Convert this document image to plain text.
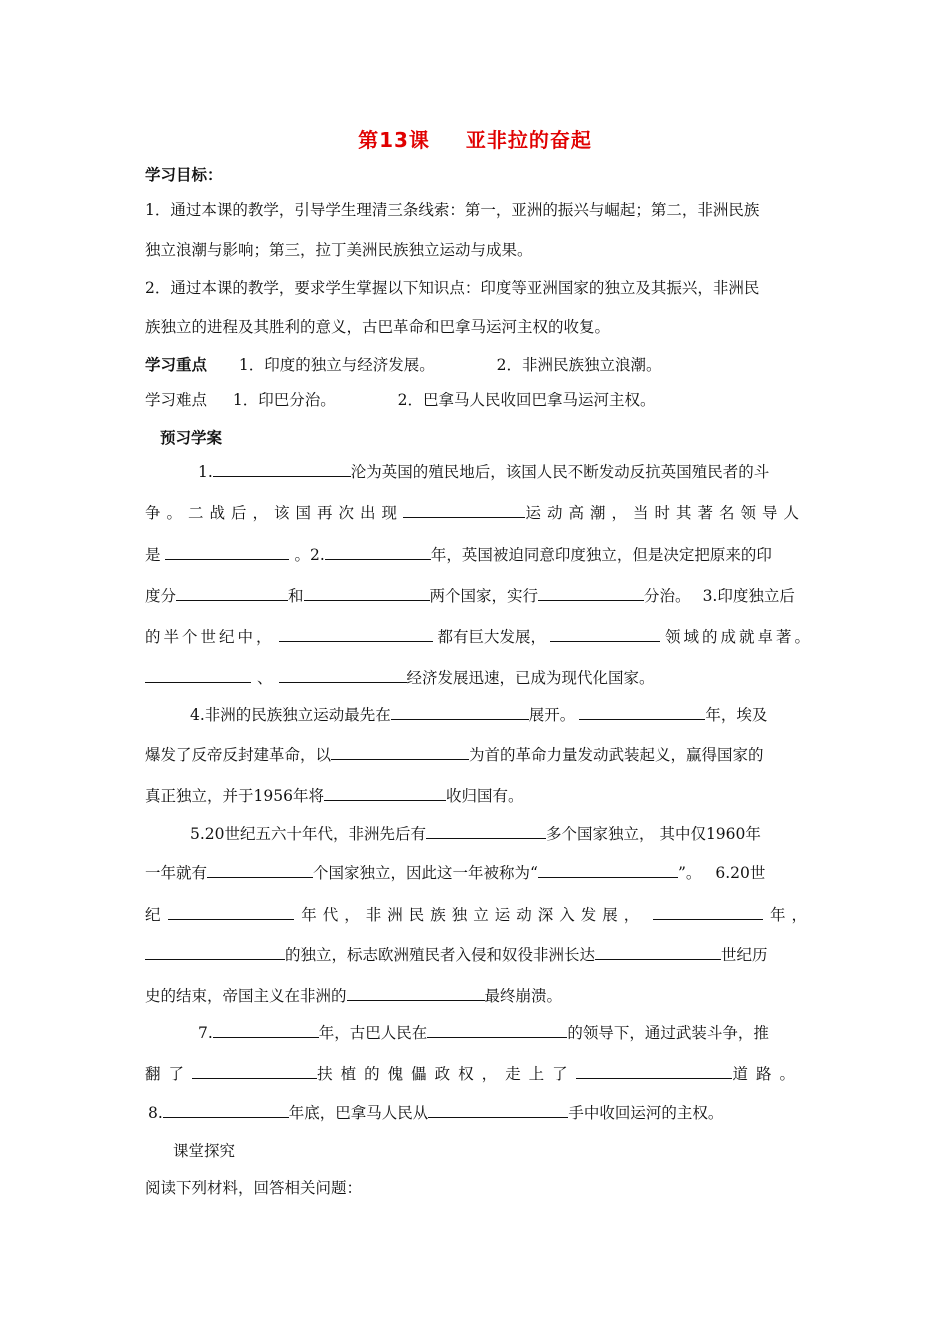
第13课 亚非拉的奋起
学习目标：
1．通过本课的教学，引导学生理清三条线索：第一，亚洲的振兴与崛起；第二，非洲民族
独立浪潮与影响；第三，拉丁美洲民族独立运动与成果。
2．通过本课的教学，要求学生掌握以下知识点：印度等亚洲国家的独立及其振兴，非洲民
族独立的进程及其胜利的意义，古巴革命和巴拿马运河主权的收复。
学习重点 1．印度的独立与经济发展。	2．非洲民族独立浪潮。
学习难点 1．印巴分治。	2．巴拿马人民收回巴拿马运河主权。
预习学案
1.	沦为英国的殖民地后，该国人民不断发动反抗英国殖民者的斗
争。二战后，该国再次出现	运动高潮，当时其著名领导人
是	。2.	年，英国被迫同意印度独立，但是决定把原来的印
度分	和	两个国家，实行	分治。 3.印度独立后
的半个世纪中，	都有巨大发展，	领域的成就卓著。
、	经济发展迅速，已成为现代化国家。
4.非洲的民族独立运动最先在	展开。	年，埃及
爆发了反帝反封建革命，以	为首的革命力量发动武装起义，赢得国家的
真正独立，并于1956年将	收归国有。
5.20世纪五六十年代，非洲先后有	多个国家独立， 其中仅1960年
一年就有	个国家独立，因此这一年被称为“	”。 6.20世
纪	年代，非洲民族独立运动深入发展，	年，
的独立，标志欧洲殖民者入侵和奴役非洲长达	世纪历
史的结束，帝国主义在非洲的	最终崩溃。
7.	年，古巴人民在	的领导下，通过武装斗争，推
翻了	扶植的傀儡政权，走上了	道路。
8.	年底，巴拿马人民从	手中收回运河的主权。
课堂探究
阅读下列材料，回答相关问题：
